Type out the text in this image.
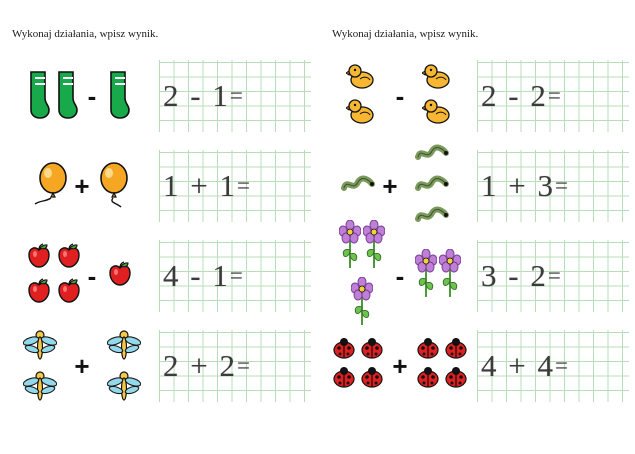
Wykonaj działania, wpisz wynik.
- 2 - 1=
+ 1 + 1=
- 4 - 1=
+ 2 + 2=
Wykonaj działania, wpisz wynik.
- 2 - 2=
+	1 + 3=
- 3 - 2=
+ 4 + 4=
